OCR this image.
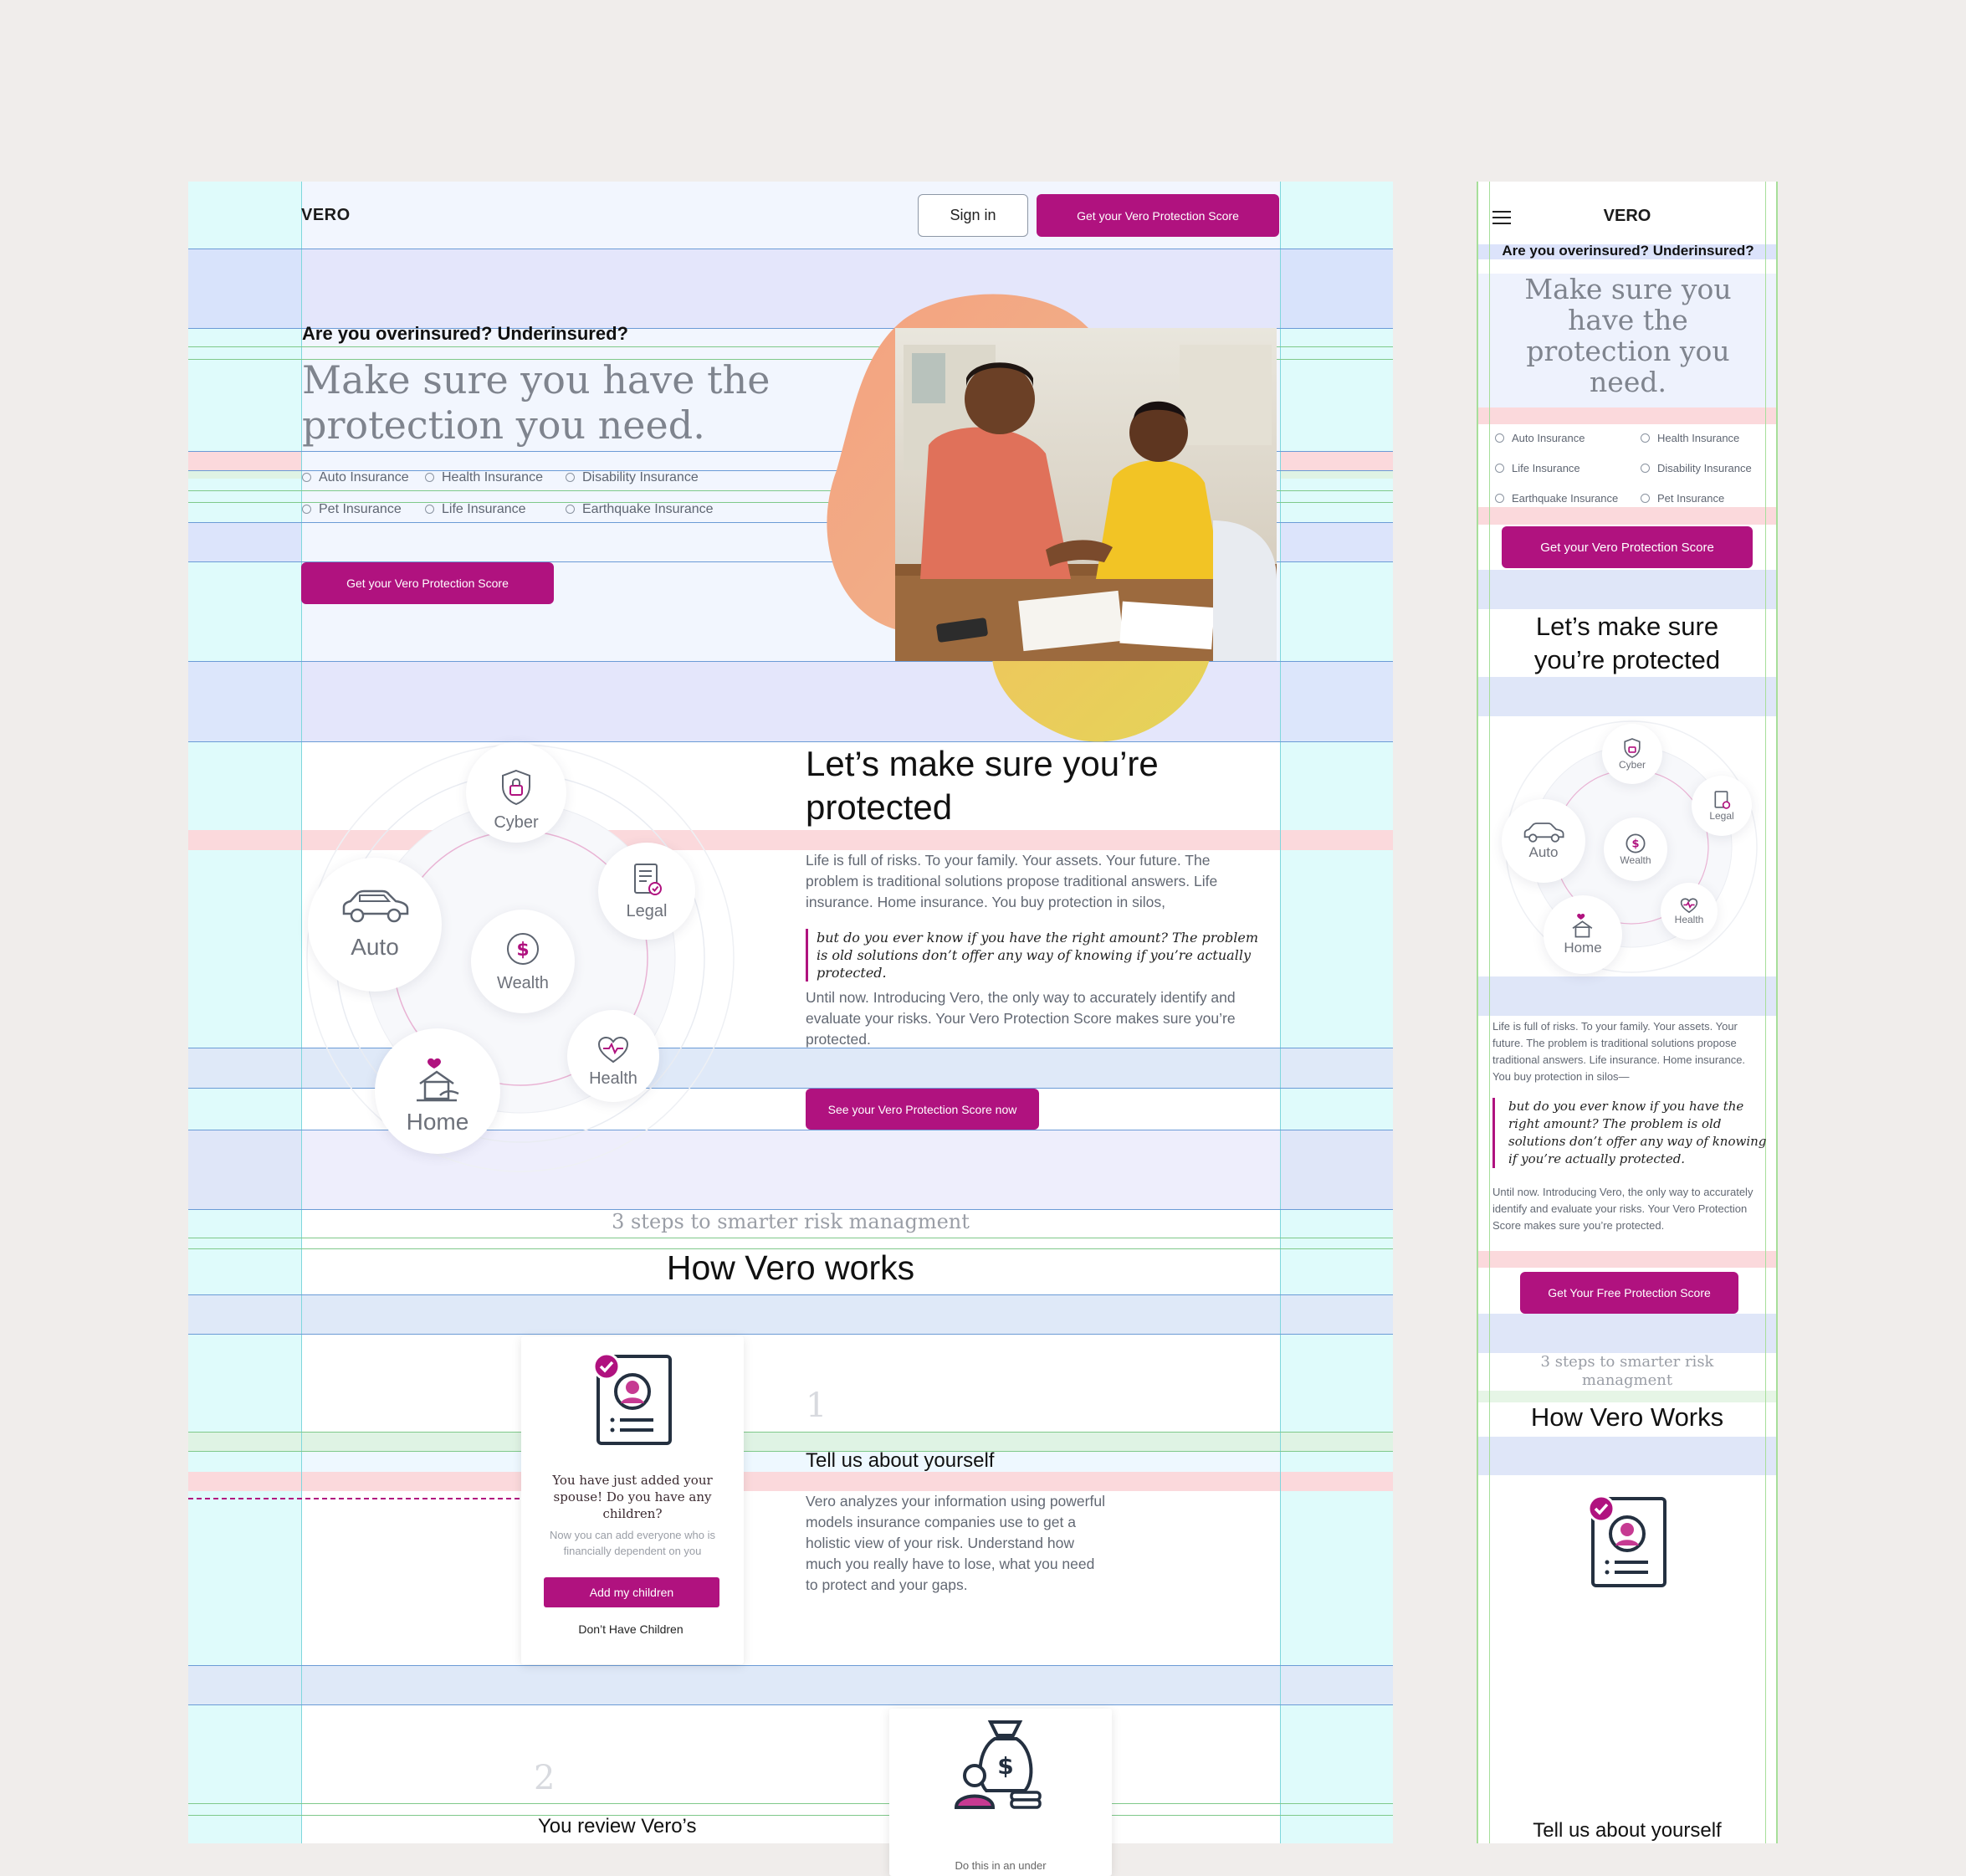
VERO	Sign in	Get your Vero Protection Score
Are you overinsured? Underinsured?
Make sure you have the
protection you need.
Auto Insurance	Health Insurance	Disability Insurance
Pet Insurance	Life Insurance	Earthquake Insurance
Get your Vero Protection Score
Cyber
Legal
Auto	$
Wealth
Health
Home
Let’s make sure you’re
protected
Life is full of risks. To your family. Your assets. Your future. The problem is traditional solutions propose traditional answers. Life insurance. Home insurance. You buy protection in silos,
but do you ever know if you have the right amount? The problem is old solutions don’t offer any way of knowing if you’re actually protected.
Until now. Introducing Vero, the only way to accurately identify and evaluate your risks. Your Vero Protection Score makes sure you’re protected.
See your Vero Protection Score now
3 steps to smarter risk managment
How Vero works
You have just added your spouse! Do you have any children?
Now you can add everyone who is financially dependent on you
Add my children
Don’t Have Children
1
Tell us about yourself
Vero analyzes your information using powerful models insurance companies use to get a holistic view of your risk. Understand how much you really have to lose, what you need to protect and your gaps.
2
You review Vero’s
$
Do this in an under
VERO
Are you overinsured? Underinsured?
Make sure you have the protection you need.
Auto Insurance	Health Insurance
Life Insurance	Disability Insurance
Earthquake Insurance	Pet Insurance
Get your Vero Protection Score
Let’s make sure you’re protected
Cyber
Legal
Auto	$
Wealth
Health
Home
Life is full of risks. To your family. Your assets. Your future. The problem is traditional solutions propose traditional answers. Life insurance. Home insurance. You buy protection in silos—
but do you ever know if you have the right amount? The problem is old solutions don’t offer any way of knowing if you’re actually protected.
Until now. Introducing Vero, the only way to accurately identify and evaluate your risks. Your Vero Protection Score makes sure you’re protected.
Get Your Free Protection Score
3 steps to smarter risk managment
How Vero Works
Tell us about yourself
